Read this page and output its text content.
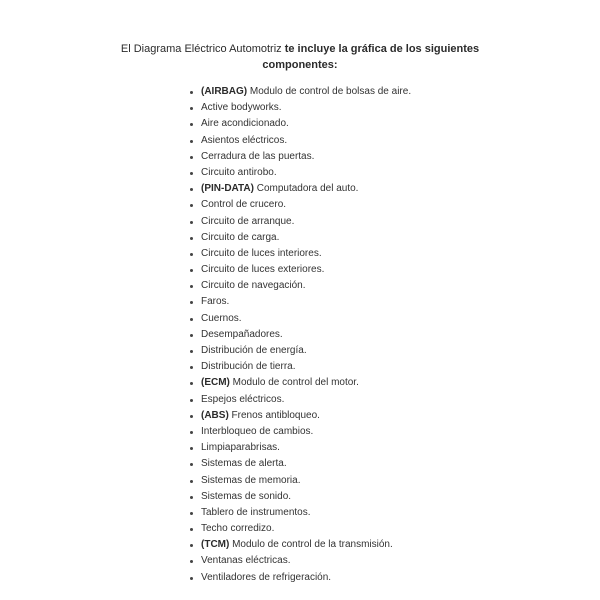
El Diagrama Eléctrico Automotriz te incluye la gráfica de los siguientes
componentes:
(AIRBAG) Modulo de control de bolsas de aire.
Active bodyworks.
Aire acondicionado.
Asientos eléctricos.
Cerradura de las puertas.
Circuito antirobo.
(PIN-DATA) Computadora del auto.
Control de crucero.
Circuito de arranque.
Circuito de carga.
Circuito de luces interiores.
Circuito de luces exteriores.
Circuito de navegación.
Faros.
Cuernos.
Desempañadores.
Distribución de energía.
Distribución de tierra.
(ECM) Modulo de control del motor.
Espejos eléctricos.
(ABS) Frenos antibloqueo.
Interbloqueo de cambios.
Limpiaparabrisas.
Sistemas de alerta.
Sistemas de memoria.
Sistemas de sonido.
Tablero de instrumentos.
Techo corredizo.
(TCM) Modulo de control de la transmisión.
Ventanas eléctricas.
Ventiladores de refrigeración.
